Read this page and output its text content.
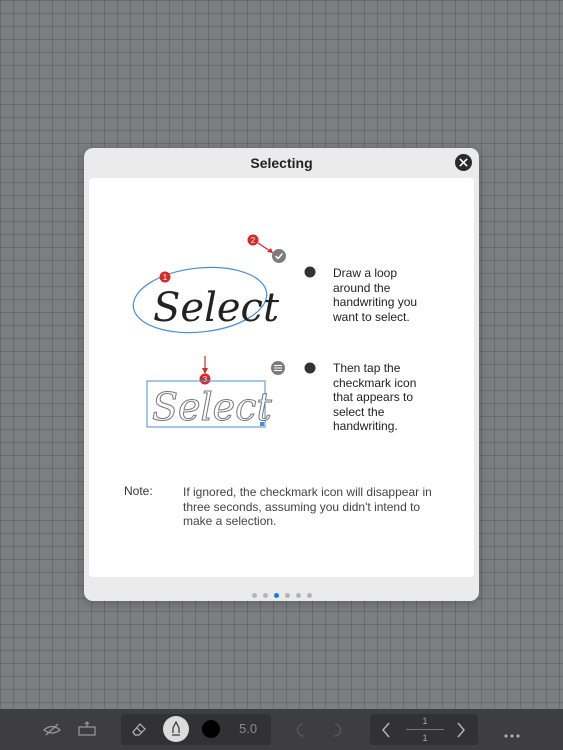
Selecting
Select
1
2
3
Select
Draw a loop around the handwriting you want to select.
Then tap the checkmark icon that appears to select the handwriting.
Note:	If ignored, the checkmark icon will disappear in three seconds, assuming you didn't intend to make a selection.
5.0	1
1
